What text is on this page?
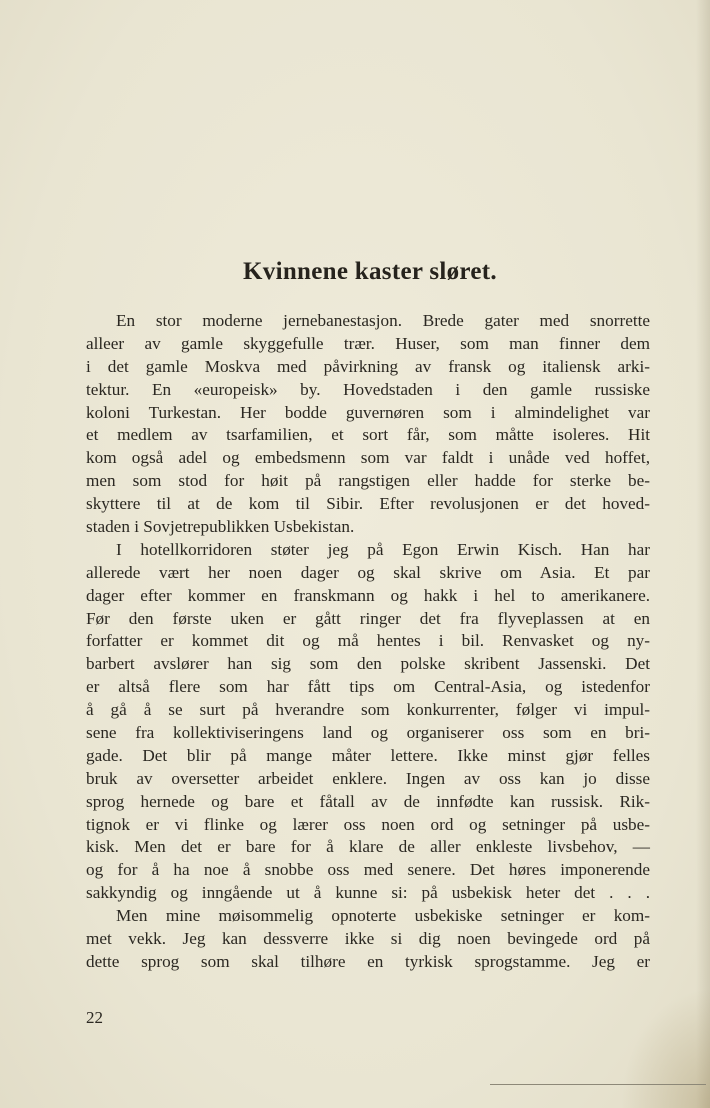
Kvinnene kaster sløret.
En stor moderne jernebanestasjon. Brede gater med snorrette
alleer av gamle skyggefulle trær. Huser, som man finner dem
i det gamle Moskva med påvirkning av fransk og italiensk arki-
tektur. En «europeisk» by. Hovedstaden i den gamle russiske
koloni Turkestan. Her bodde guvernøren som i almindelighet var
et medlem av tsarfamilien, et sort får, som måtte isoleres. Hit
kom også adel og embedsmenn som var faldt i unåde ved hoffet,
men som stod for høit på rangstigen eller hadde for sterke be-
skyttere til at de kom til Sibir. Efter revolusjonen er det hoved-
staden i Sovjetrepublikken Usbekistan.
I hotellkorridoren støter jeg på Egon Erwin Kisch. Han har
allerede vært her noen dager og skal skrive om Asia. Et par
dager efter kommer en franskmann og hakk i hel to amerikanere.
Før den første uken er gått ringer det fra flyveplassen at en
forfatter er kommet dit og må hentes i bil. Renvasket og ny-
barbert avslører han sig som den polske skribent Jassenski. Det
er altså flere som har fått tips om Central-Asia, og istedenfor
å gå å se surt på hverandre som konkurrenter, følger vi impul-
sene fra kollektiviseringens land og organiserer oss som en bri-
gade. Det blir på mange måter lettere. Ikke minst gjør felles
bruk av oversetter arbeidet enklere. Ingen av oss kan jo disse
sprog hernede og bare et fåtall av de innfødte kan russisk. Rik-
tignok er vi flinke og lærer oss noen ord og setninger på usbe-
kisk. Men det er bare for å klare de aller enkleste livsbehov, —
og for å ha noe å snobbe oss med senere. Det høres imponerende
sakkyndig og inngående ut å kunne si: på usbekisk heter det . . .
Men mine møisommelig opnoterte usbekiske setninger er kom-
met vekk. Jeg kan dessverre ikke si dig noen bevingede ord på
dette sprog som skal tilhøre en tyrkisk sprogstamme. Jeg er
22
